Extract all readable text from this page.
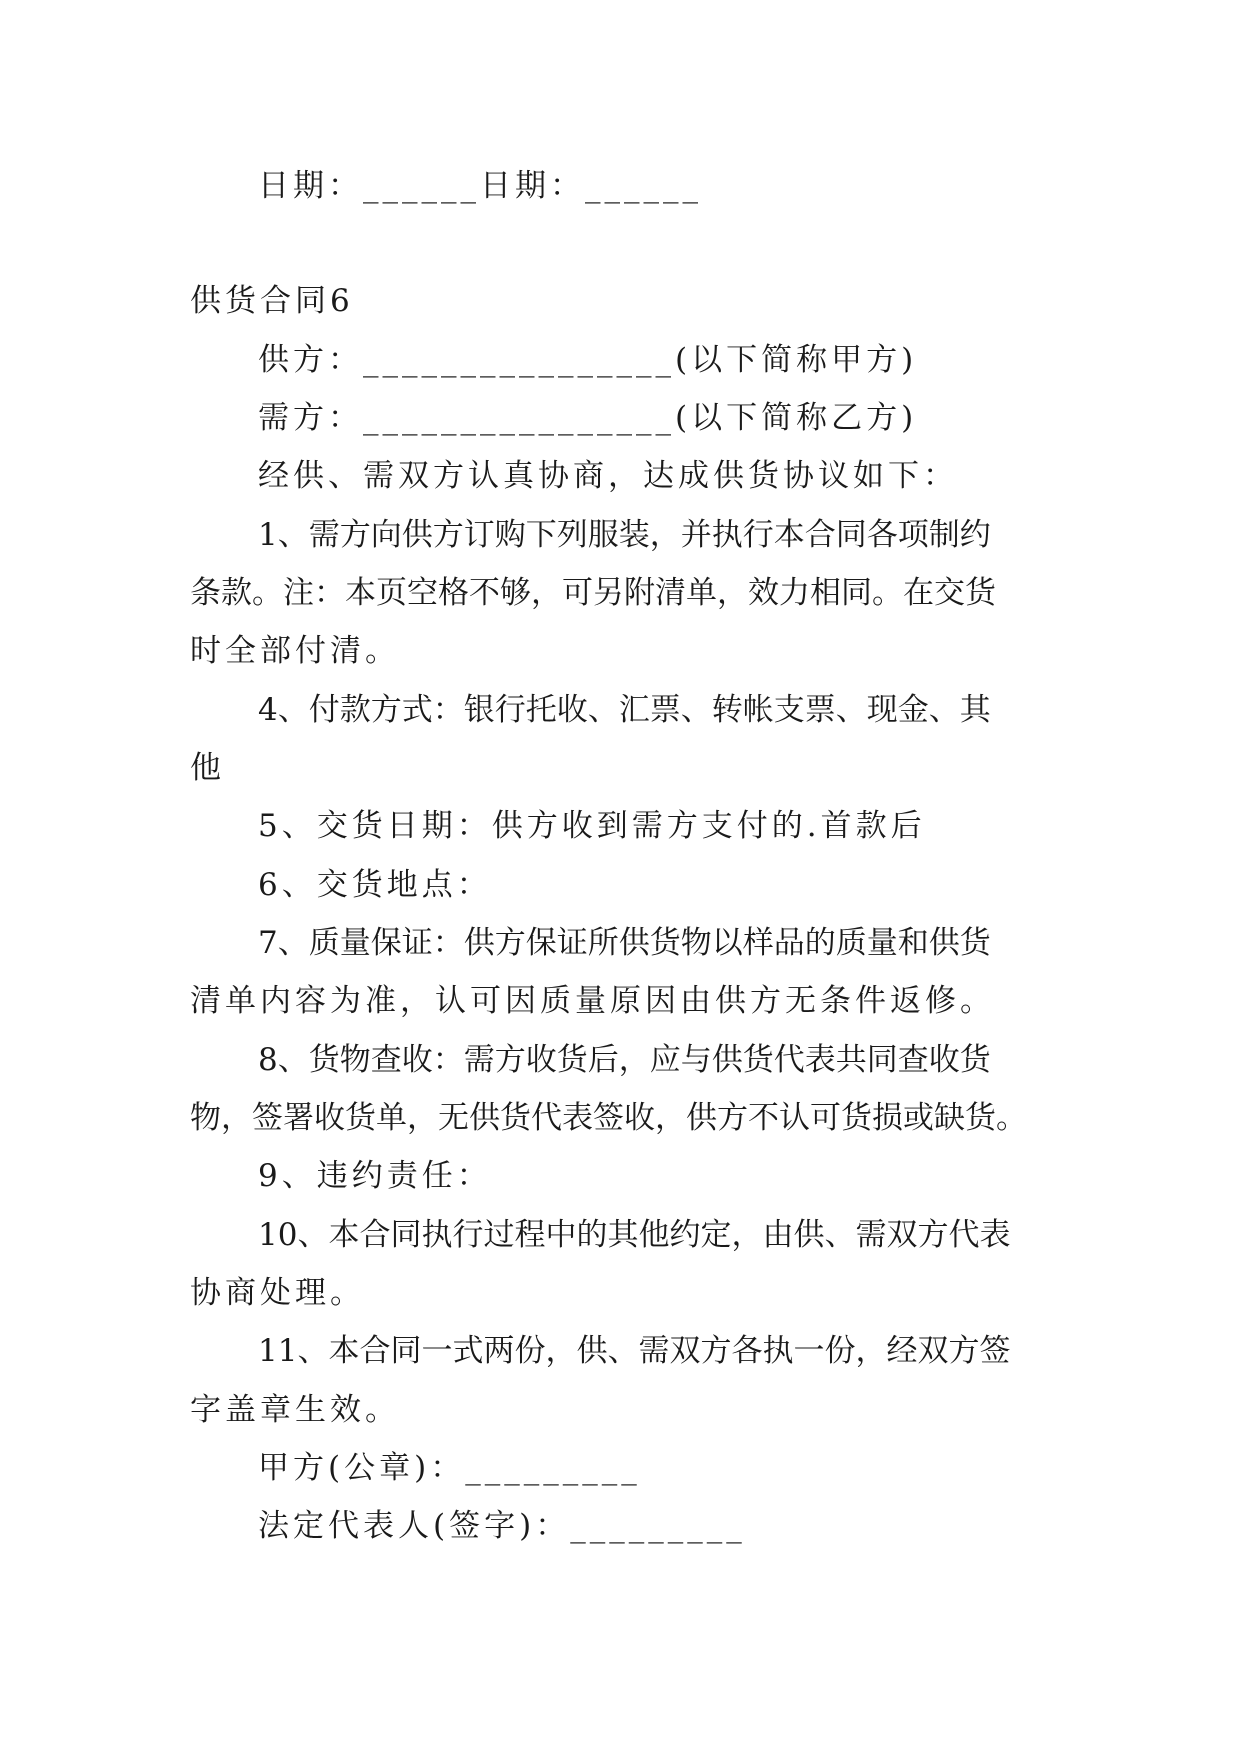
日期：______日期：______
供货合同6
供方：________________(以下简称甲方)
需方：________________(以下简称乙方)
经供、需双方认真协商，达成供货协议如下：
1、需方向供方订购下列服装，并执行本合同各项制约
条款。注：本页空格不够，可另附清单，效力相同。在交货
时全部付清。
4、付款方式：银行托收、汇票、转帐支票、现金、其
他
5、交货日期：供方收到需方支付的.首款后
6、交货地点：
7、质量保证：供方保证所供货物以样品的质量和供货
清单内容为准，认可因质量原因由供方无条件返修。
8、货物查收：需方收货后，应与供货代表共同查收货
物，签署收货单，无供货代表签收，供方不认可货损或缺货。
9、违约责任：
10、本合同执行过程中的其他约定，由供、需双方代表
协商处理。
11、本合同一式两份，供、需双方各执一份，经双方签
字盖章生效。
甲方(公章)：_________
法定代表人(签字)：_________
